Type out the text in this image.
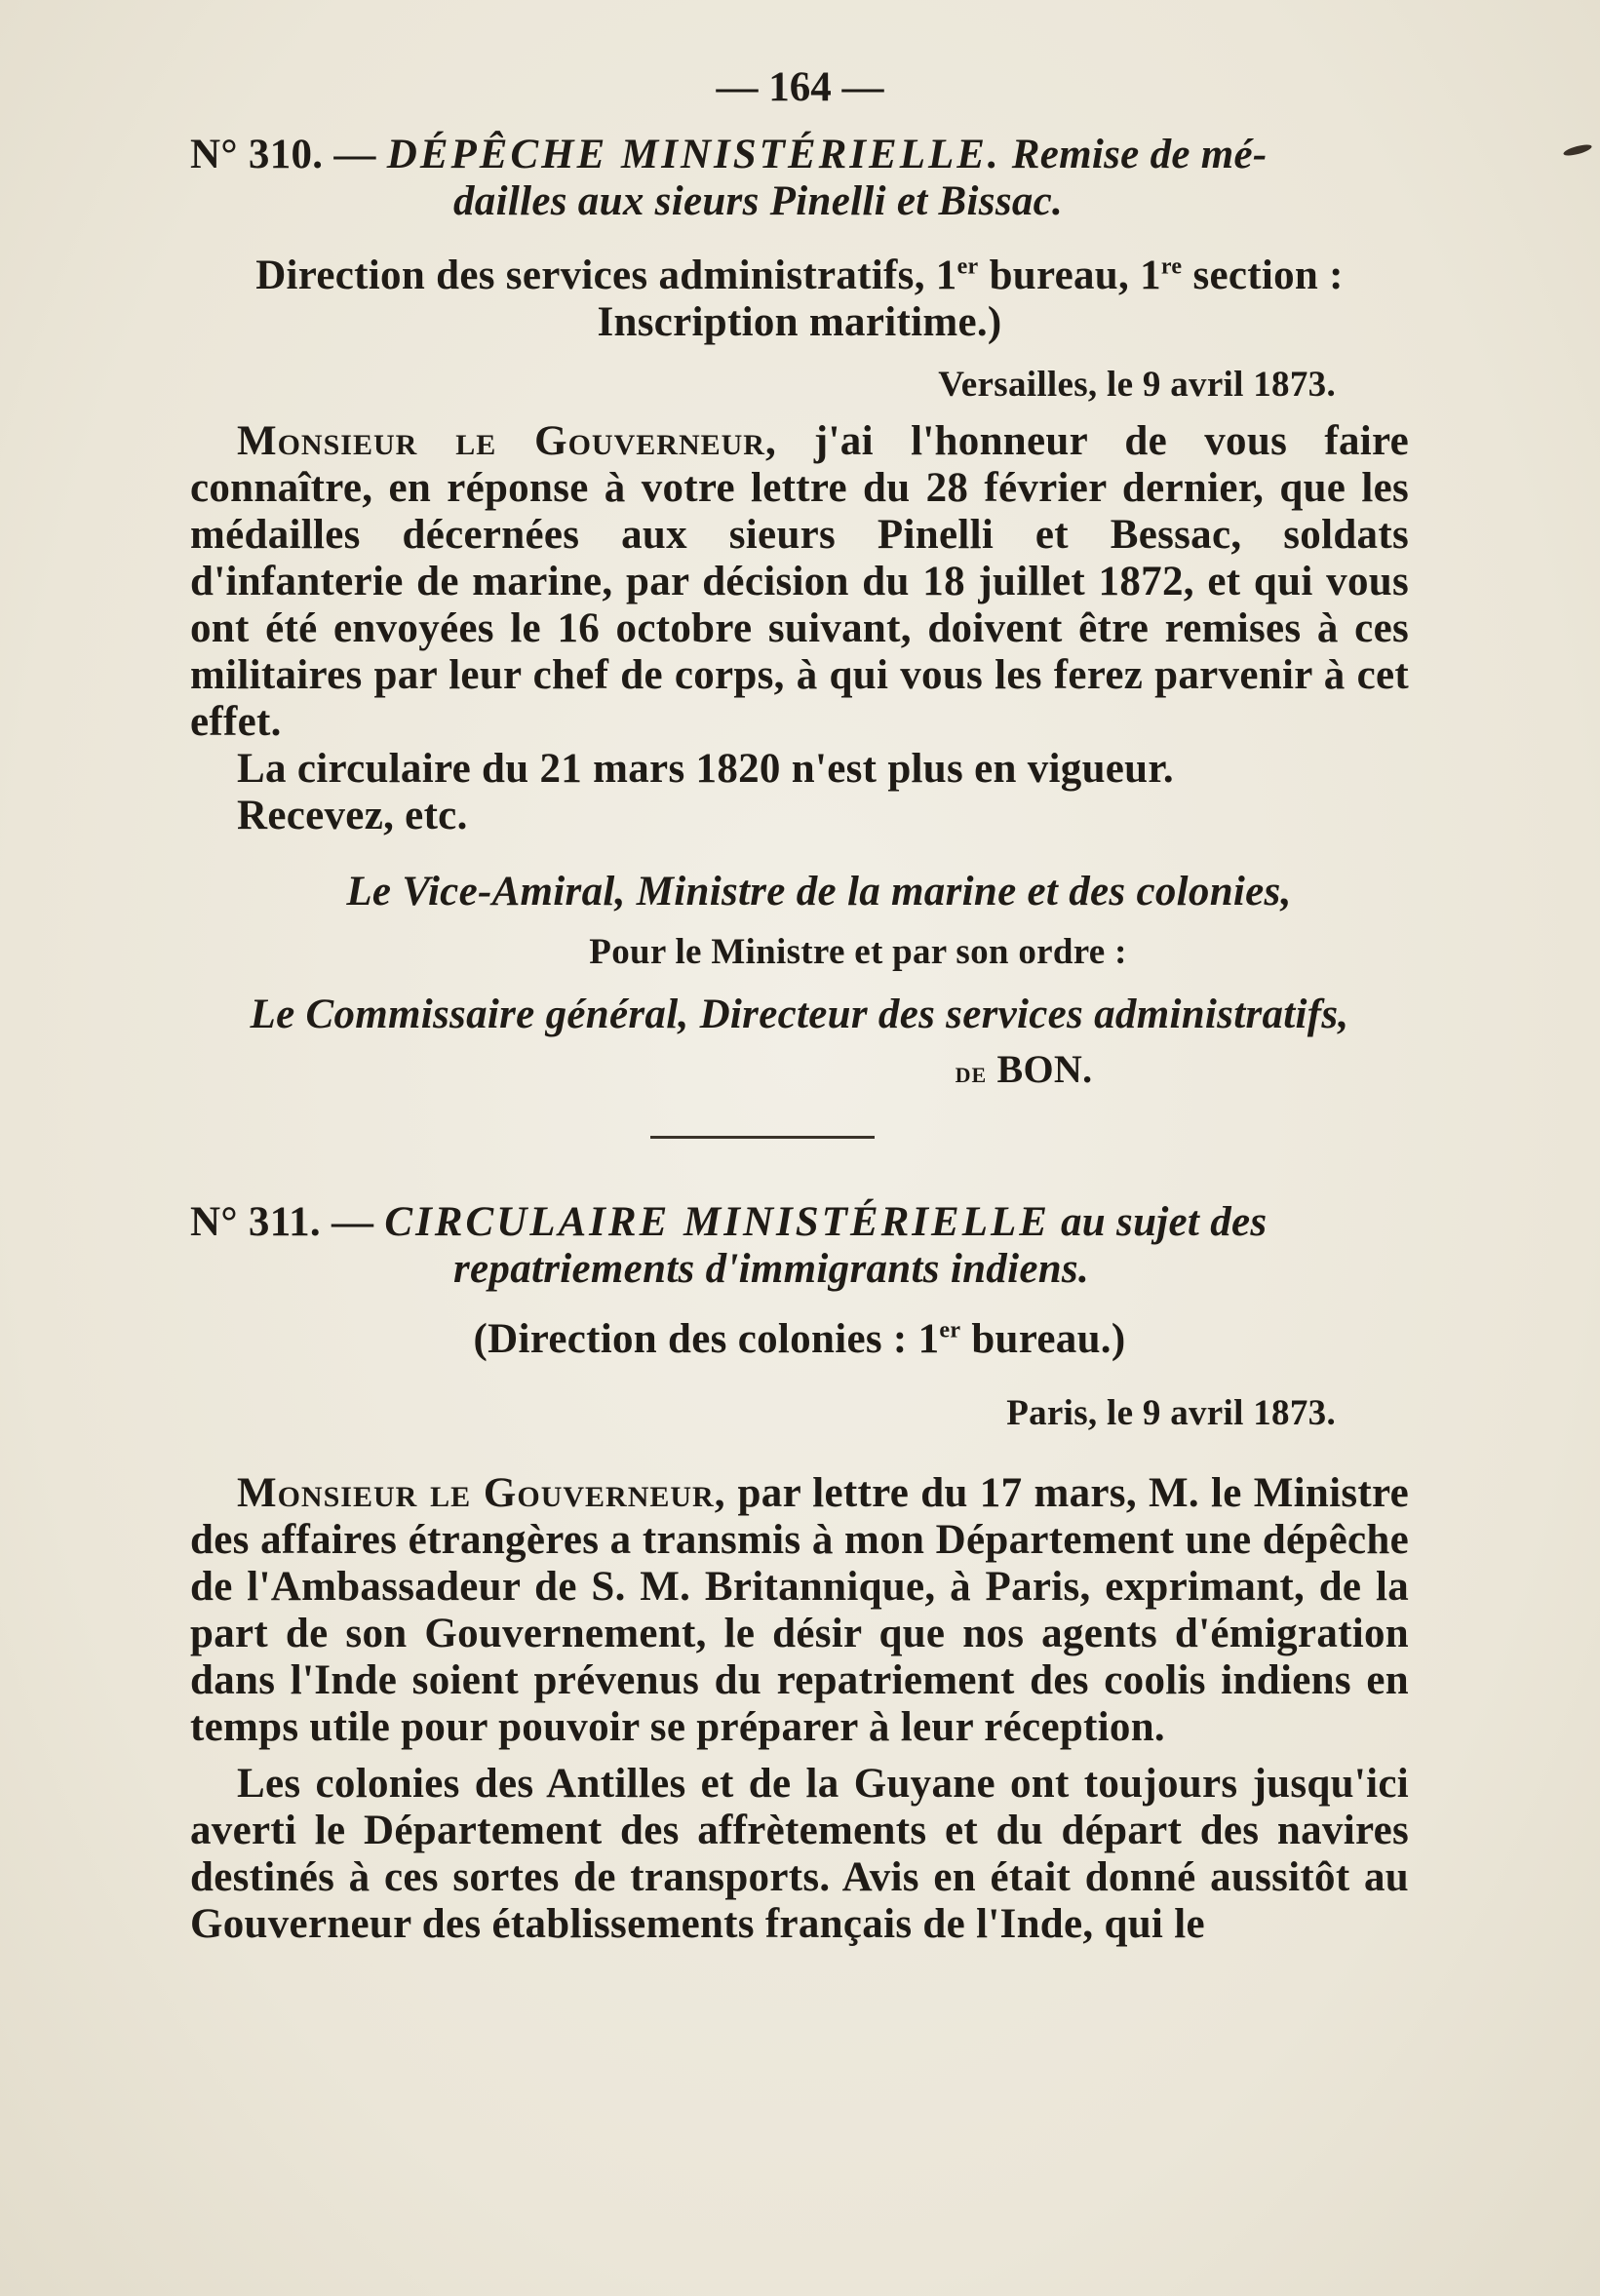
— 164 —

N° 310. — DÉPÊCHE MINISTÉRIELLE. Remise de mé-
dailles aux sieurs Pinelli et Bissac.

Direction des services administratifs, 1er bureau, 1re section :
Inscription maritime.)
Versailles, le 9 avril 1873.

Monsieur le Gouverneur, j'ai l'honneur de vous faire connaître, en réponse à votre lettre du 28 février dernier, que les médailles décernées aux sieurs Pinelli et Bessac, soldats d'infanterie de marine, par décision du 18 juillet 1872, et qui vous ont été envoyées le 16 octobre suivant, doivent être remises à ces militaires par leur chef de corps, à qui vous les ferez parvenir à cet effet.

La circulaire du 21 mars 1820 n'est plus en vigueur.

Recevez, etc.

Le Vice-Amiral, Ministre de la marine et des colonies,
Pour le Ministre et par son ordre :
Le Commissaire général, Directeur des services administratifs,
de BON.

N° 311. — CIRCULAIRE MINISTÉRIELLE au sujet des
repatriements d'immigrants indiens.

(Direction des colonies : 1er bureau.)
Paris, le 9 avril 1873.

Monsieur le Gouverneur, par lettre du 17 mars, M. le Ministre des affaires étrangères a transmis à mon Département une dépêche de l'Ambassadeur de S. M. Britannique, à Paris, exprimant, de la part de son Gouvernement, le désir que nos agents d'émigration dans l'Inde soient prévenus du repatriement des coolis indiens en temps utile pour pouvoir se préparer à leur réception.

Les colonies des Antilles et de la Guyane ont toujours jusqu'ici averti le Département des affrètements et du départ des navires destinés à ces sortes de transports. Avis en était donné aussitôt au Gouverneur des établissements français de l'Inde, qui le
